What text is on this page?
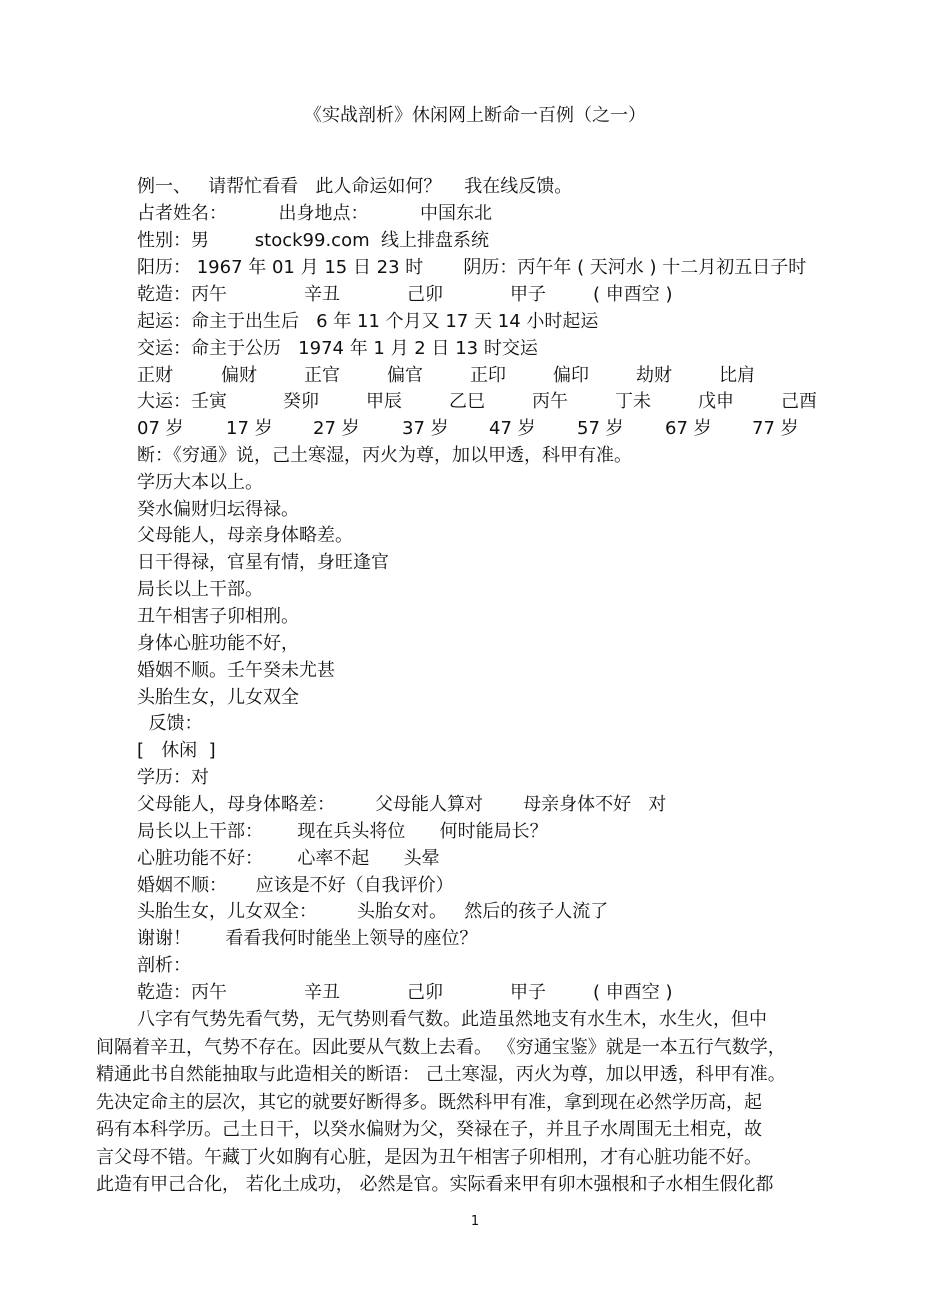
《实战剖析》休闲网上断命一百例（之一）
例一、   请帮忙看看   此人命运如何？    我在线反馈。
占者姓名：         出身地点：         中国东北
性别：男        stock99.com  线上排盘系统
阳历： 1967 年 01 月 15 日 23 时       阴历：丙午年 ( 天河水 ) 十二月初五日子时
乾造： 丙午	辛丑	己卯	甲子	( 申酉空 )
起运：命主于出生后   6 年 11 个月又 17 天 14 小时起运
交运：命主于公历   1974 年 1 月 2 日 13 时交运
正财	偏财	正官	偏官	正印	偏印	劫财	比肩
大运： 壬寅	癸卯	甲辰	乙巳	丙午	丁未	戊申	己酉
07 岁 17 岁 27 岁 37 岁 47 岁 57 岁 67 岁 77 岁
断：《穷通》说，己土寒湿，丙火为尊，加以甲透，科甲有准。
学历大本以上。
癸水偏财归坛得禄。
父母能人，母亲身体略差。
日干得禄，官星有情，身旺逢官
局长以上干部。
丑午相害子卯相刑。
身体心脏功能不好，
婚姻不顺。壬午癸未尤甚
头胎生女，儿女双全
反馈：
[   休闲  ]
学历：对
父母能人，母身体略差：       父母能人算对       母亲身体不好   对
局长以上干部：      现在兵头将位      何时能局长？
心脏功能不好：      心率不起      头晕
婚姻不顺：     应该是不好（自我评价）
头胎生女，儿女双全：       头胎女对。   然后的孩子人流了
谢谢！      看看我何时能坐上领导的座位？
剖析：
乾造： 丙午	辛丑	己卯	甲子	( 申酉空 )
八字有气势先看气势，无气势则看气数。此造虽然地支有水生木，水生火，但中
间隔着辛丑，气势不存在。因此要从气数上去看。 《穷通宝鉴》就是一本五行气数学，
精通此书自然能抽取与此造相关的断语： 己土寒湿，丙火为尊，加以甲透，科甲有准。
先决定命主的层次，其它的就要好断得多。既然科甲有准，拿到现在必然学历高，起
码有本科学历。己土日干，以癸水偏财为父，癸禄在子，并且子水周围无土相克，故
言父母不错。午藏丁火如胸有心脏，是因为丑午相害子卯相刑，才有心脏功能不好。
此造有甲己合化， 若化土成功， 必然是官。实际看来甲有卯木强根和子水相生假化都
1
